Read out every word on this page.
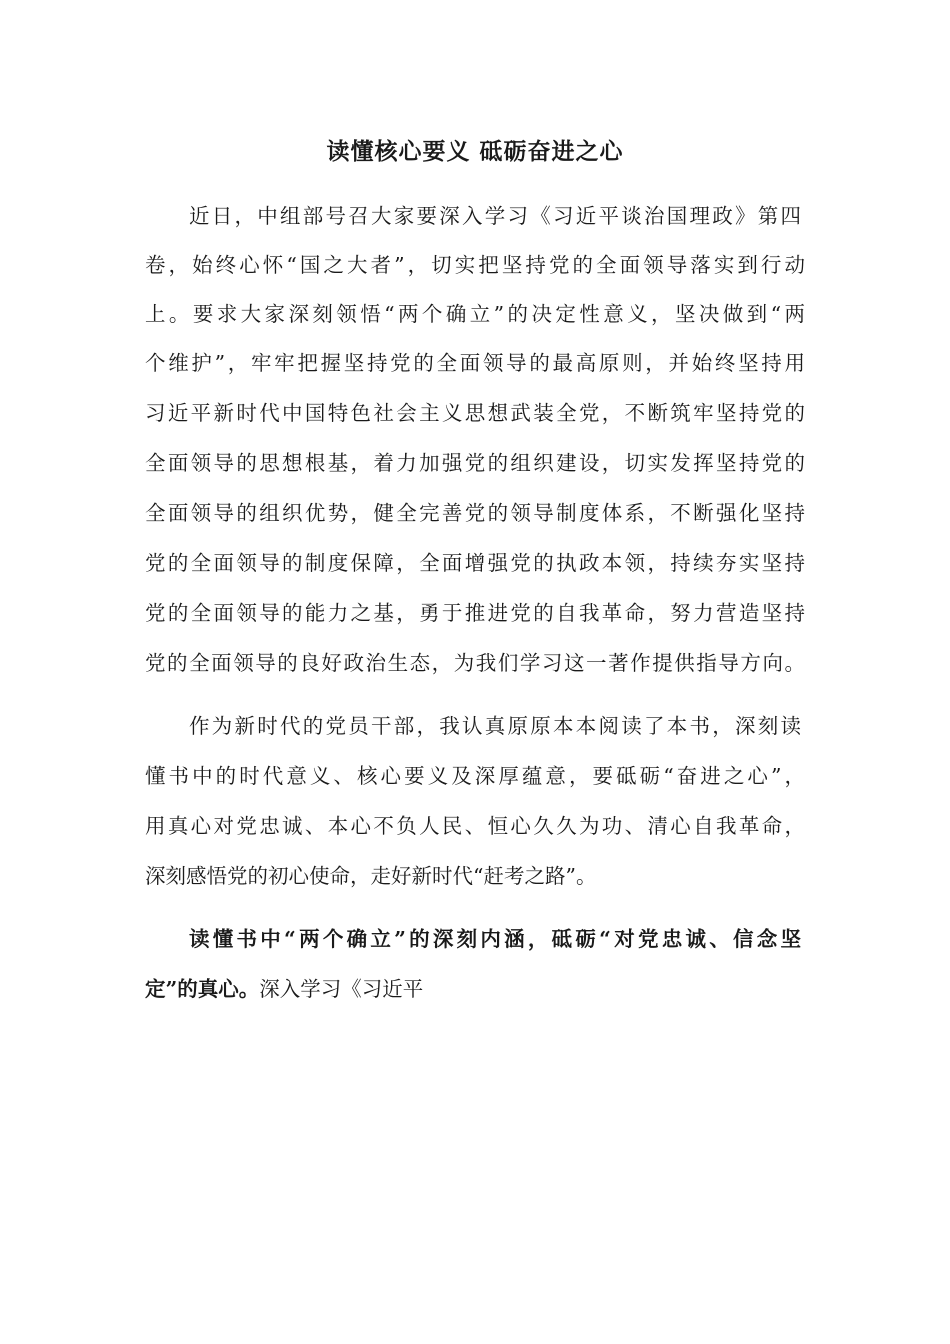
读懂核心要义 砥砺奋进之心
近日，中组部号召大家要深入学习《习近平谈治国理政》第四
卷，始终心怀“国之大者”，切实把坚持党的全面领导落实到行动
上。要求大家深刻领悟“两个确立”的决定性意义，坚决做到“两
个维护”，牢牢把握坚持党的全面领导的最高原则，并始终坚持用
习近平新时代中国特色社会主义思想武装全党，不断筑牢坚持党的
全面领导的思想根基，着力加强党的组织建设，切实发挥坚持党的
全面领导的组织优势，健全完善党的领导制度体系，不断强化坚持
党的全面领导的制度保障，全面增强党的执政本领，持续夯实坚持
党的全面领导的能力之基，勇于推进党的自我革命，努力营造坚持
党的全面领导的良好政治生态，为我们学习这一著作提供指导方向。
作为新时代的党员干部，我认真原原本本阅读了本书，深刻读
懂书中的时代意义、核心要义及深厚蕴意，要砥砺“奋进之心”，
用真心对党忠诚、本心不负人民、恒心久久为功、清心自我革命，
深刻感悟党的初心使命，走好新时代“赶考之路”。
读懂书中“两个确立”的深刻内涵，砥砺“对党忠诚、信念坚
定”的真心。深入学习《习近平
